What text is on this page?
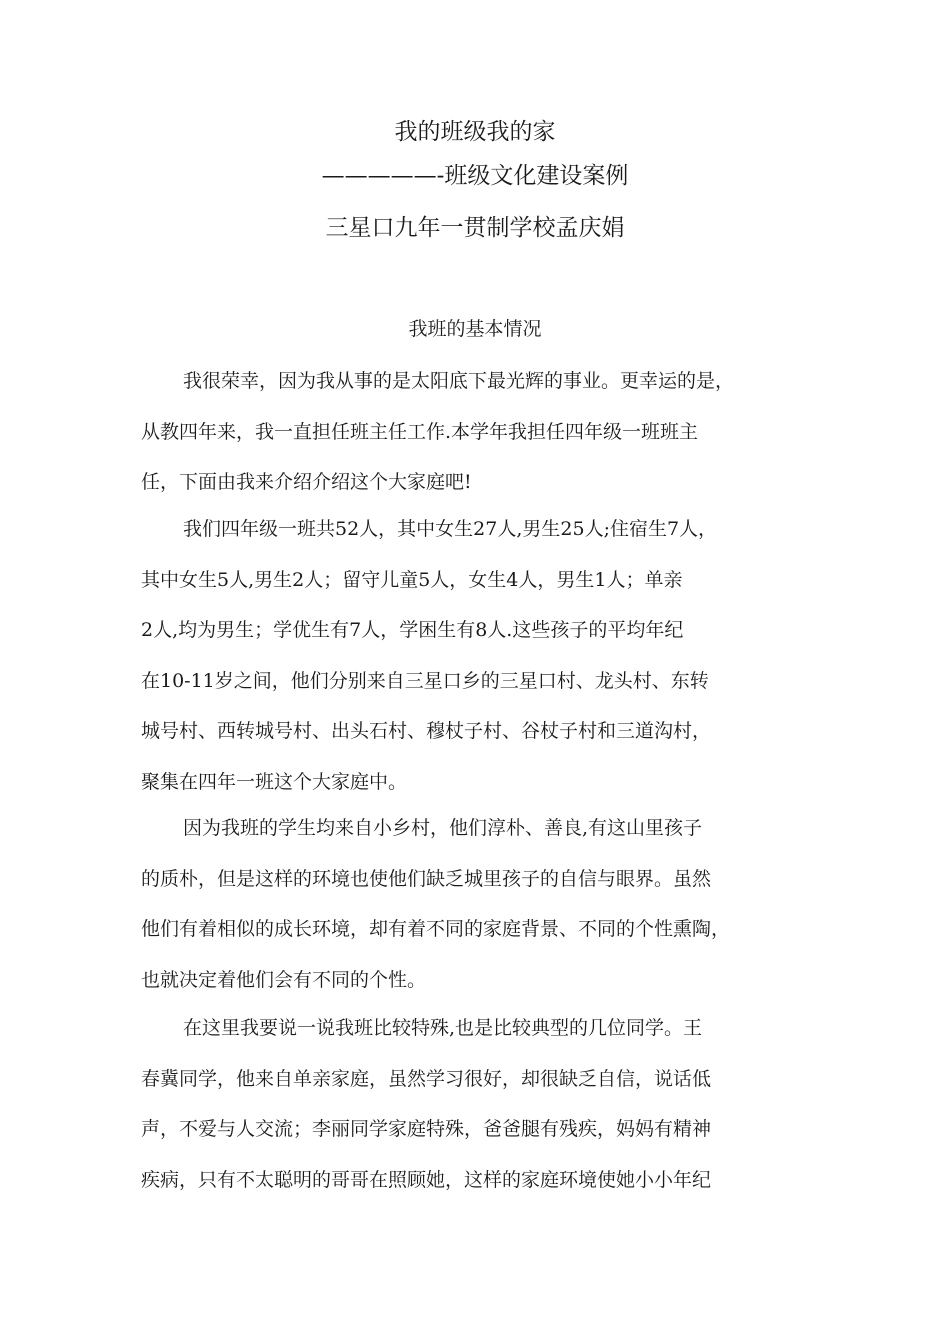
我的班级我的家
—————-班级文化建设案例
三星口九年一贯制学校孟庆娟
我班的基本情况
我很荣幸，因为我从事的是太阳底下最光辉的事业。更幸运的是，
从教四年来，我一直担任班主任工作.本学年我担任四年级一班班主
任，下面由我来介绍介绍这个大家庭吧!
我们四年级一班共52人，其中女生27人,男生25人;住宿生7人，
其中女生5人,男生2人；留守儿童5人，女生4人，男生1人；单亲
2人,均为男生；学优生有7人，学困生有8人.这些孩子的平均年纪
在10-11岁之间，他们分别来自三星口乡的三星口村、龙头村、东转
城号村、西转城号村、出头石村、穆杖子村、谷杖子村和三道沟村，
聚集在四年一班这个大家庭中。
因为我班的学生均来自小乡村，他们淳朴、善良,有这山里孩子
的质朴，但是这样的环境也使他们缺乏城里孩子的自信与眼界。虽然
他们有着相似的成长环境，却有着不同的家庭背景、不同的个性熏陶，
也就决定着他们会有不同的个性。
在这里我要说一说我班比较特殊,也是比较典型的几位同学。王
春冀同学，他来自单亲家庭，虽然学习很好，却很缺乏自信，说话低
声，不爱与人交流；李丽同学家庭特殊，爸爸腿有残疾，妈妈有精神
疾病，只有不太聪明的哥哥在照顾她，这样的家庭环境使她小小年纪
